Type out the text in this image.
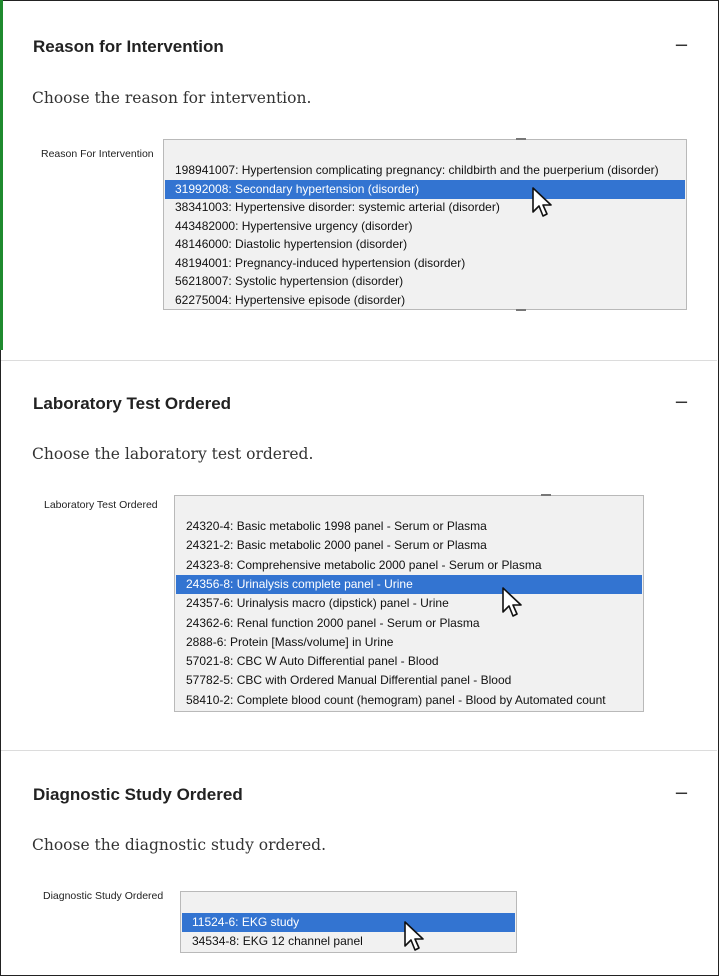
Reason for Intervention	−
Choose the reason for intervention.
Reason For Intervention
198941007: Hypertension complicating pregnancy: childbirth and the puerperium (disorder)
31992008: Secondary hypertension (disorder)
38341003: Hypertensive disorder: systemic arterial (disorder)
443482000: Hypertensive urgency (disorder)
48146000: Diastolic hypertension (disorder)
48194001: Pregnancy-induced hypertension (disorder)
56218007: Systolic hypertension (disorder)
62275004: Hypertensive episode (disorder)
Laboratory Test Ordered	−
Choose the laboratory test ordered.
Laboratory Test Ordered
24320-4: Basic metabolic 1998 panel - Serum or Plasma
24321-2: Basic metabolic 2000 panel - Serum or Plasma
24323-8: Comprehensive metabolic 2000 panel - Serum or Plasma
24356-8: Urinalysis complete panel - Urine
24357-6: Urinalysis macro (dipstick) panel - Urine
24362-6: Renal function 2000 panel - Serum or Plasma
2888-6: Protein [Mass/volume] in Urine
57021-8: CBC W Auto Differential panel - Blood
57782-5: CBC with Ordered Manual Differential panel - Blood
58410-2: Complete blood count (hemogram) panel - Blood by Automated count
Diagnostic Study Ordered	−
Choose the diagnostic study ordered.
Diagnostic Study Ordered
11524-6: EKG study
34534-8: EKG 12 channel panel
